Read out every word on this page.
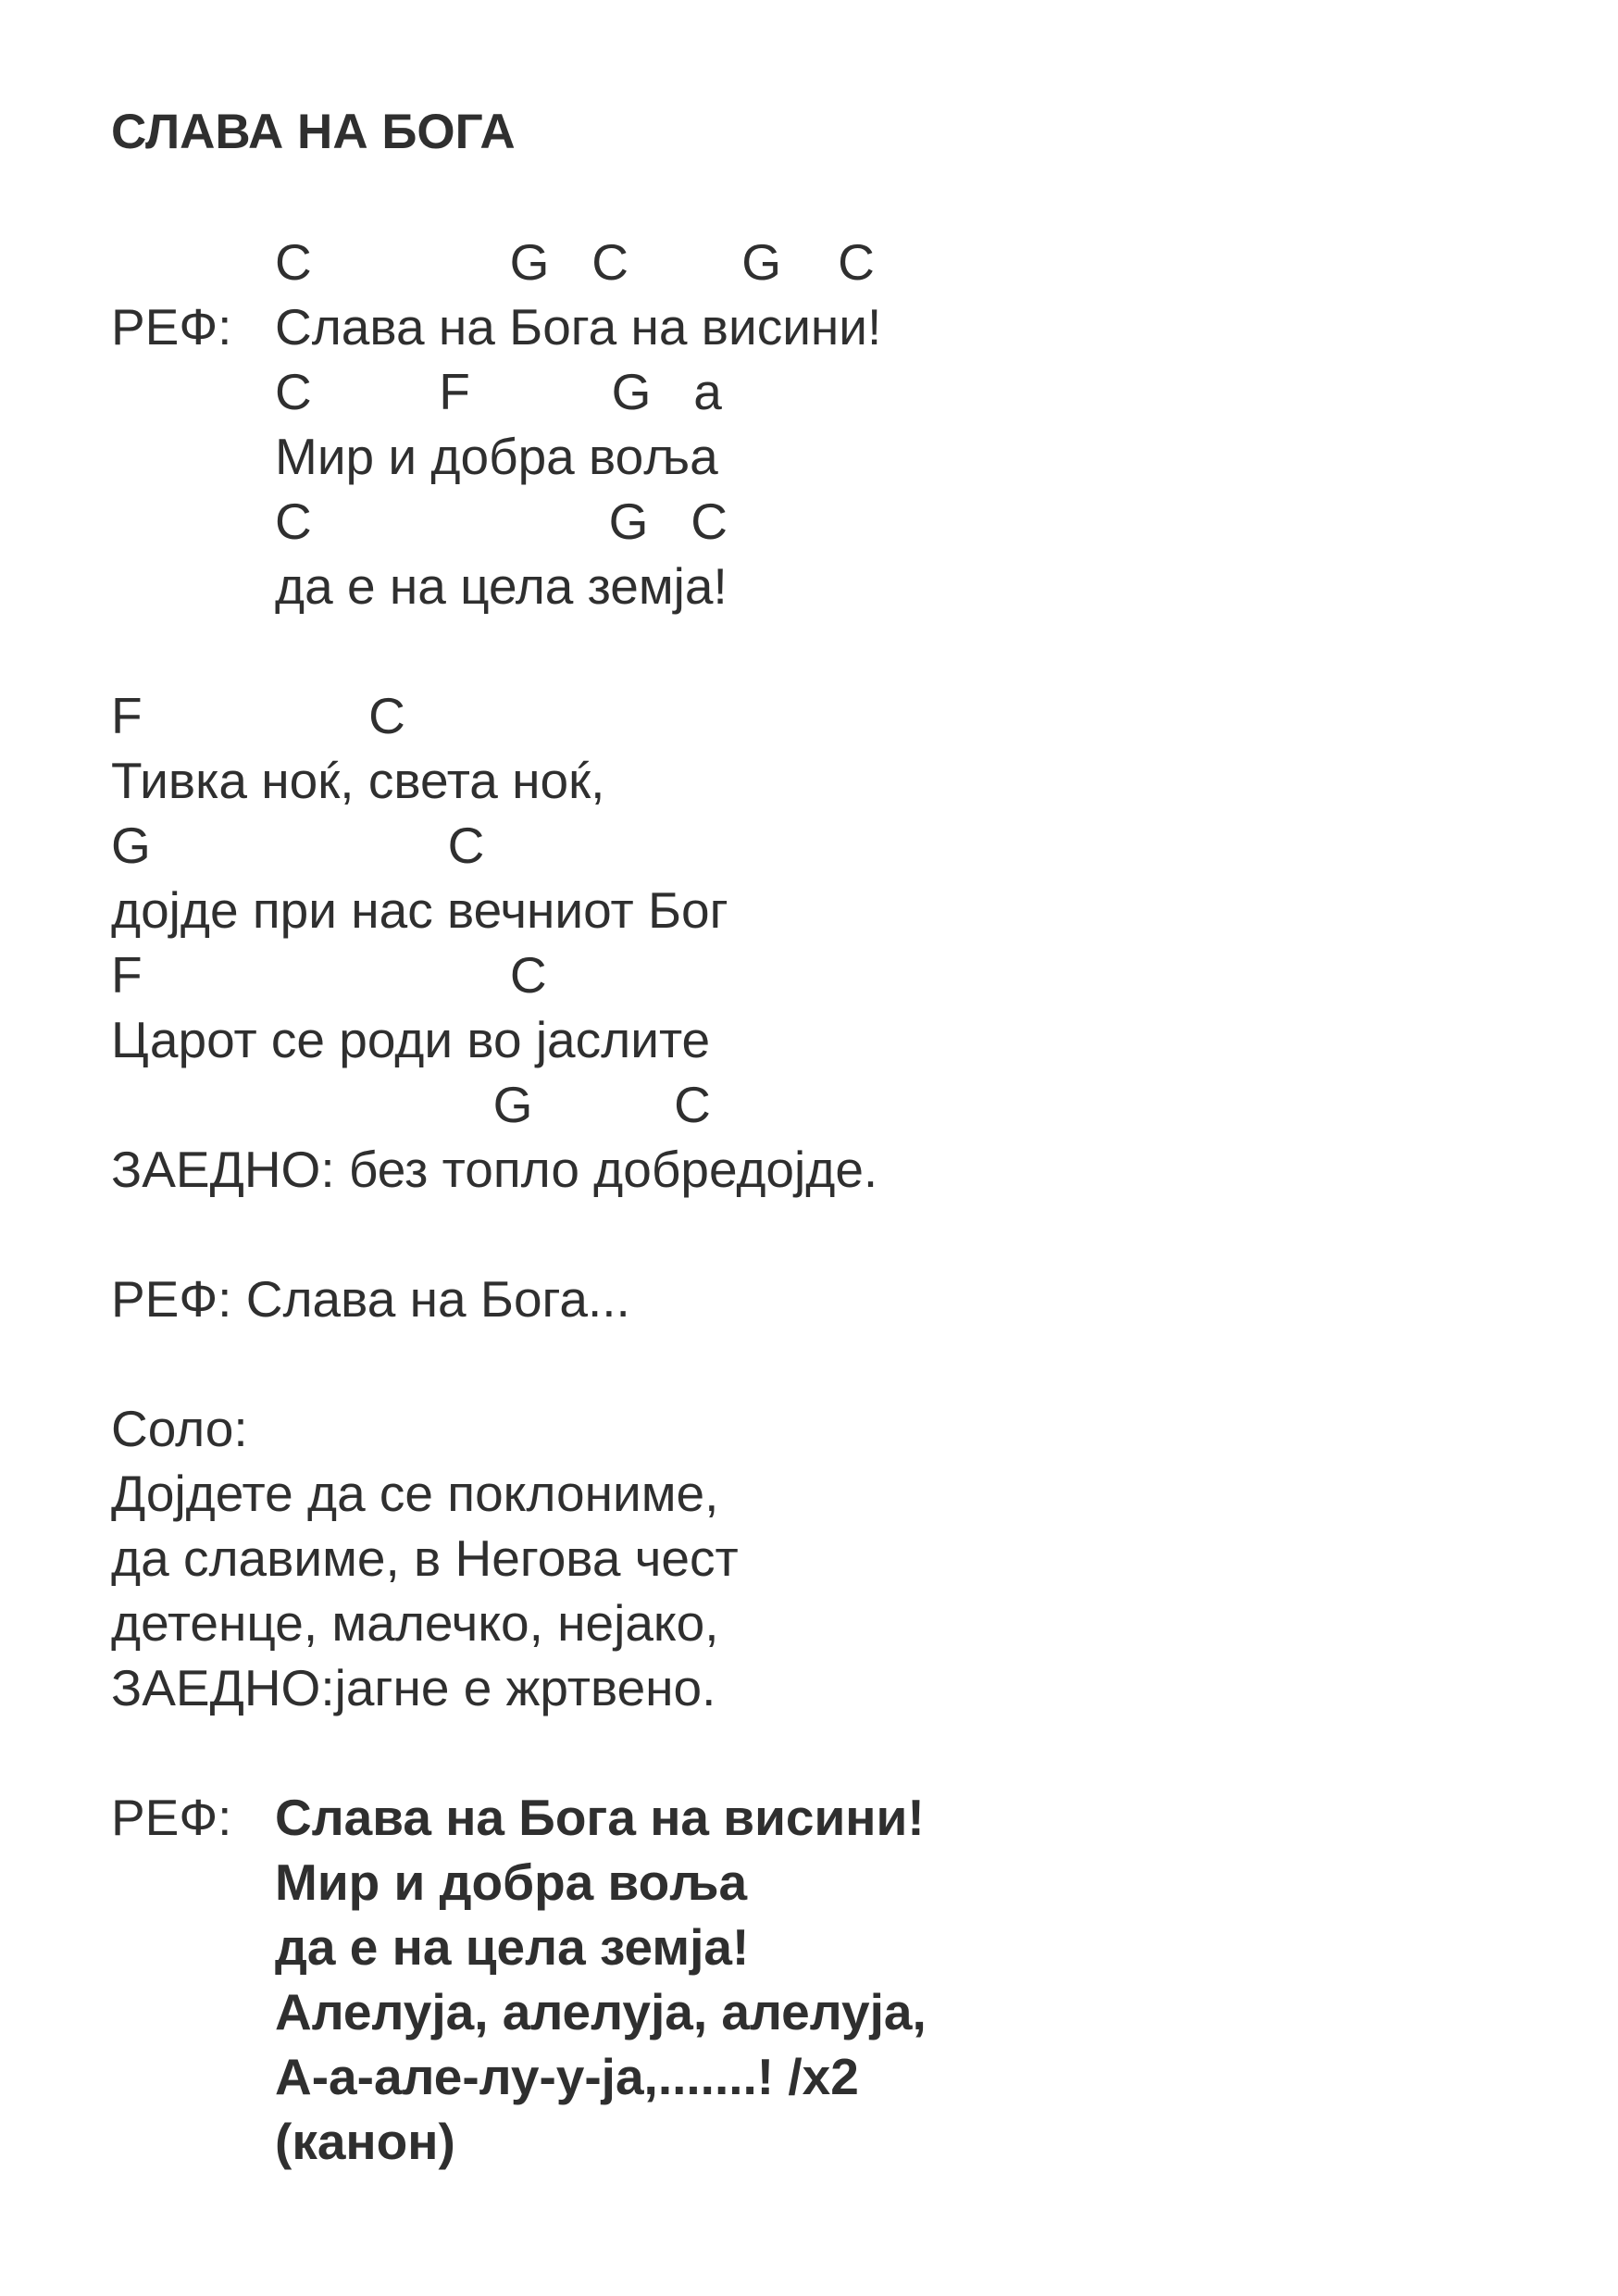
СЛАВА НА БОГА
C              G   C        G    C
РЕФ: Слава на Бога на висини!
C         F          G   a
Мир и добра воља
C                     G   C
да е на цела земја!
F                C
Тивка ноќ, света ноќ,
G                     C
дојде при нас вечниот Бог
F                          C
Царот се роди во јаслите
G          C
ЗАЕДНО: без топло добредојде.
РЕФ: Слава на Бога...
Соло:
Дојдете да се поклониме,
да славиме, в Негова чест
детенце, малечко, нејако,
ЗАЕДНО:јагне е жртвено.
РЕФ: Слава на Бога на висини!
Мир и добра воља
да е на цела земја!
Алелуја, алелуја, алелуја,
А-а-але-лу-у-ја,.......! /x2
(канон)
